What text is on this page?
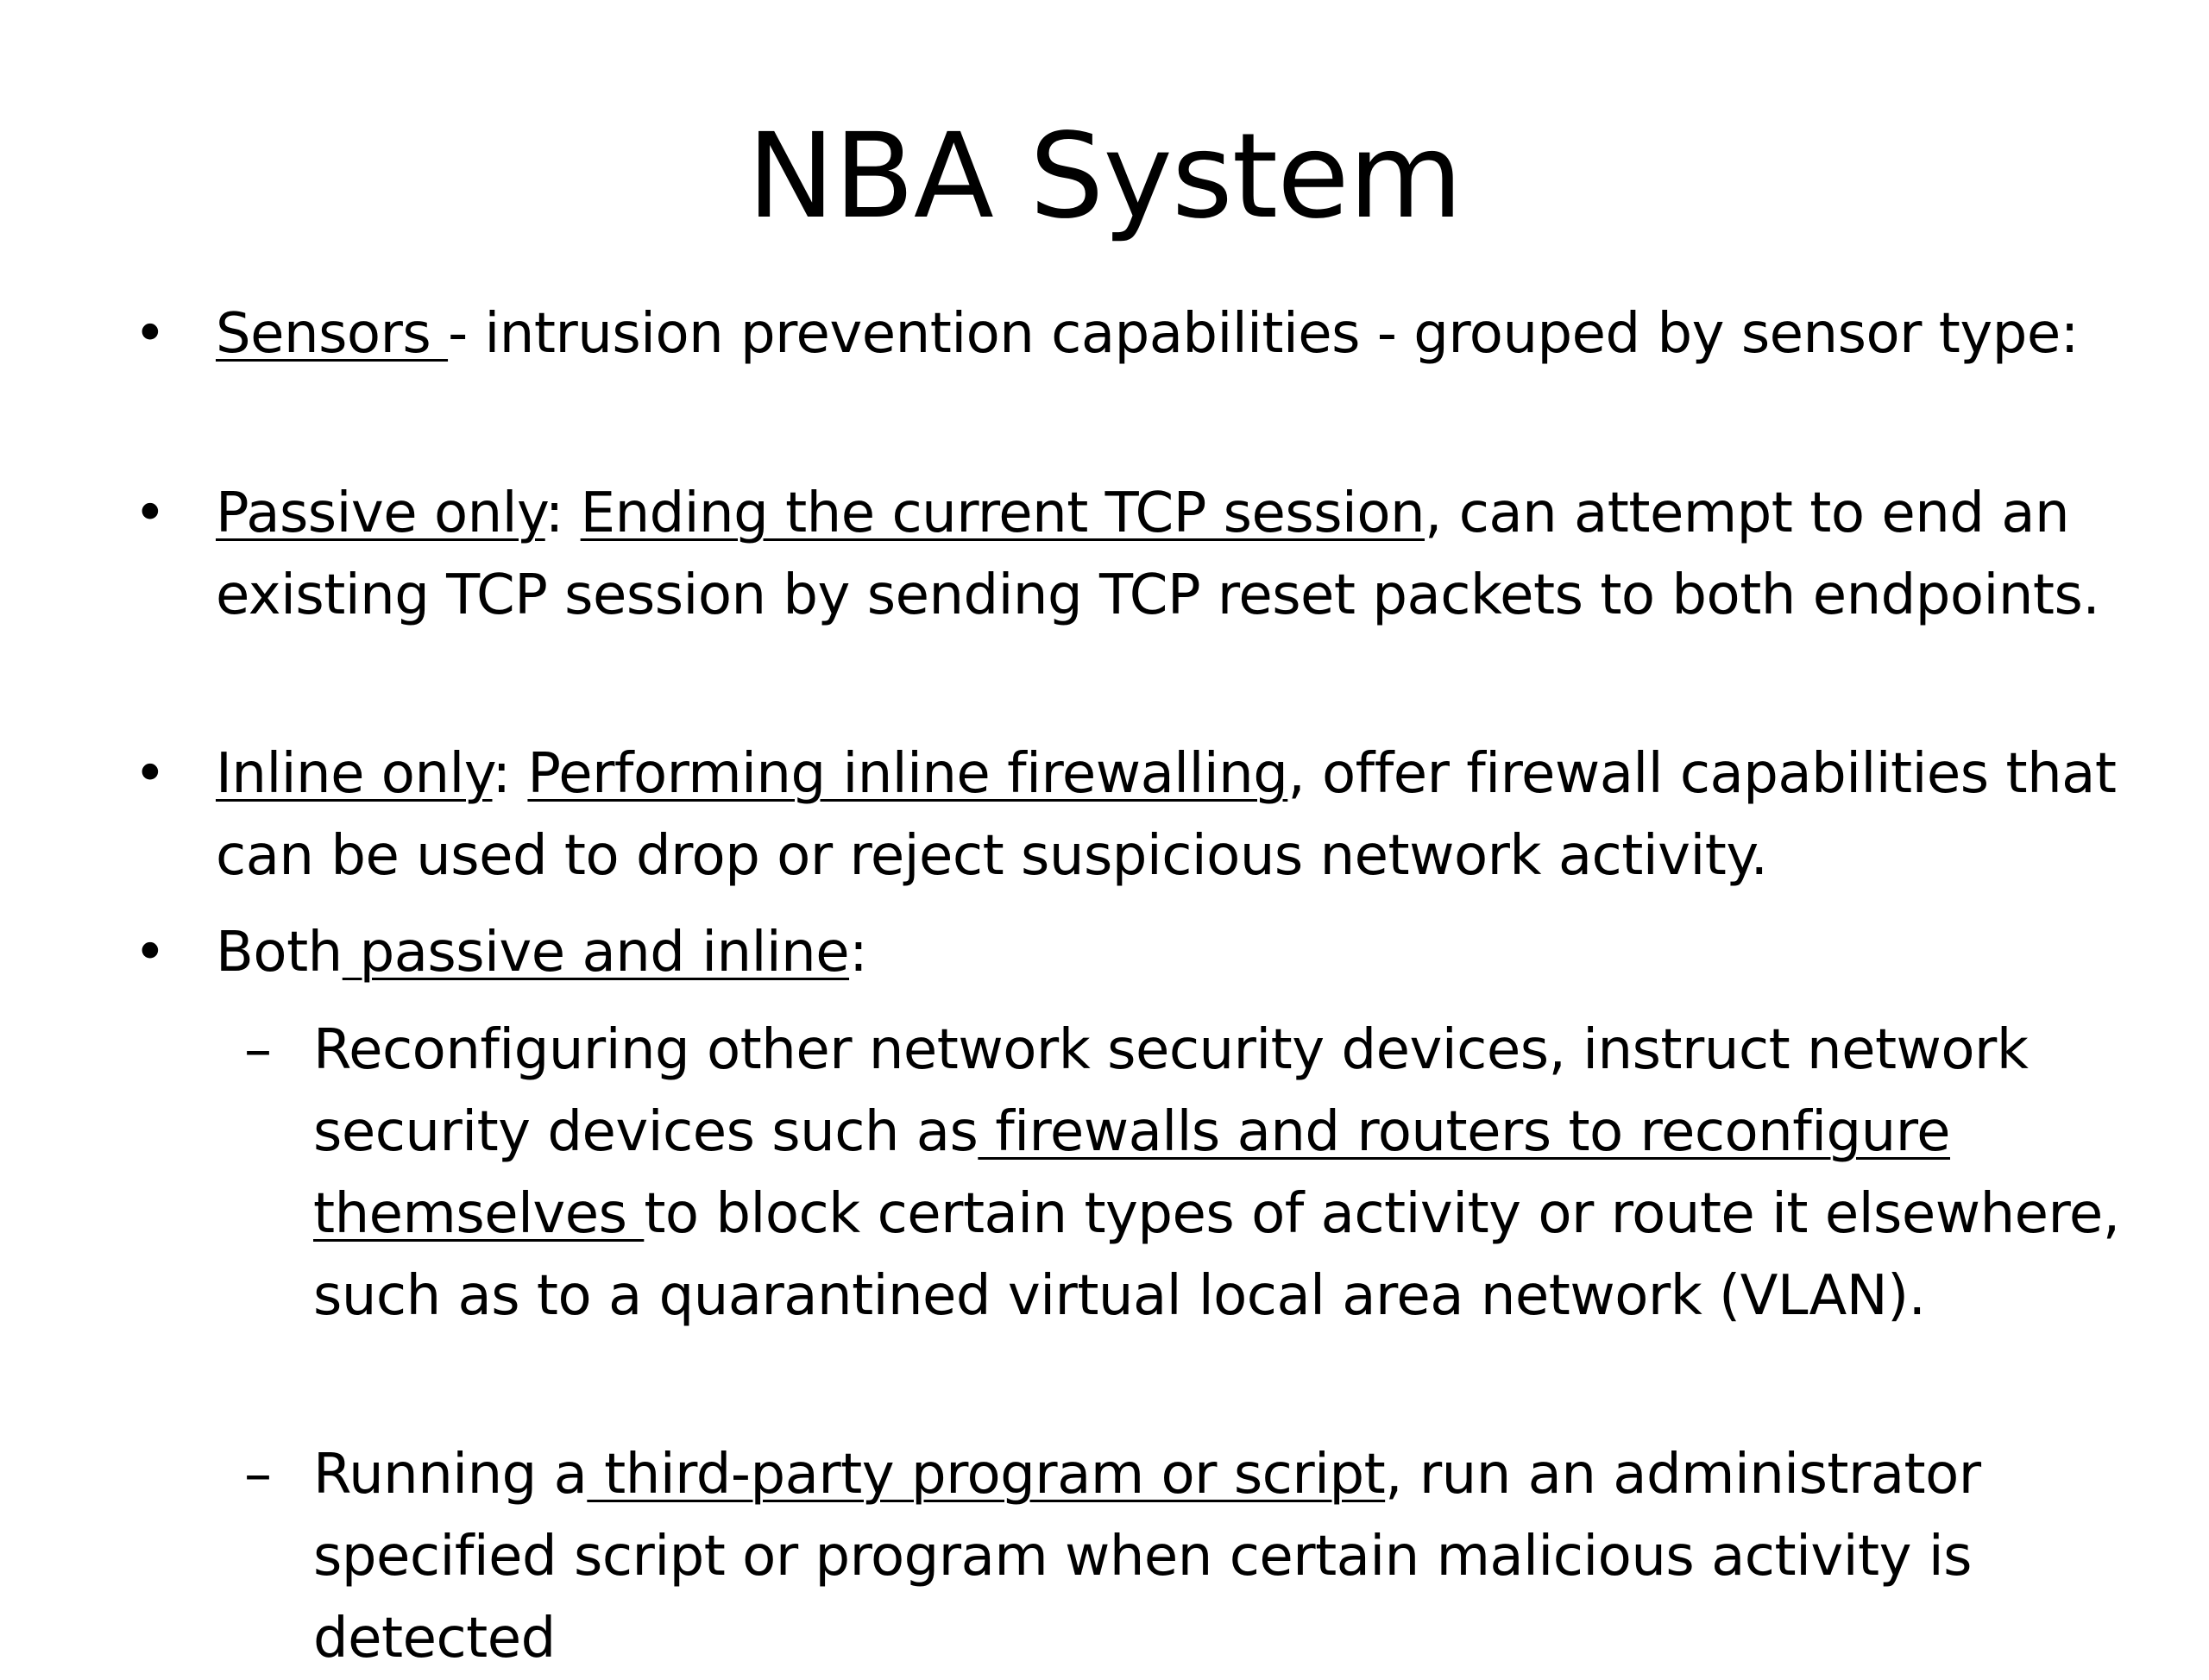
NBA System
• Sensors - intrusion prevention capabilities - grouped by sensor type:
• Passive only: Ending the current TCP session, can attempt to end an existing TCP session by sending TCP reset packets to both endpoints.
• Inline only: Performing inline firewalling, offer firewall capabilities that can be used to drop or reject suspicious network activity.
• Both passive and inline:
– Reconfiguring other network security devices, instruct network security devices such as firewalls and routers to reconfigure themselves to block certain types of activity or route it elsewhere, such as to a quarantined virtual local area network (VLAN).
– Running a third-party program or script, run an administrator specified script or program when certain malicious activity is detected
